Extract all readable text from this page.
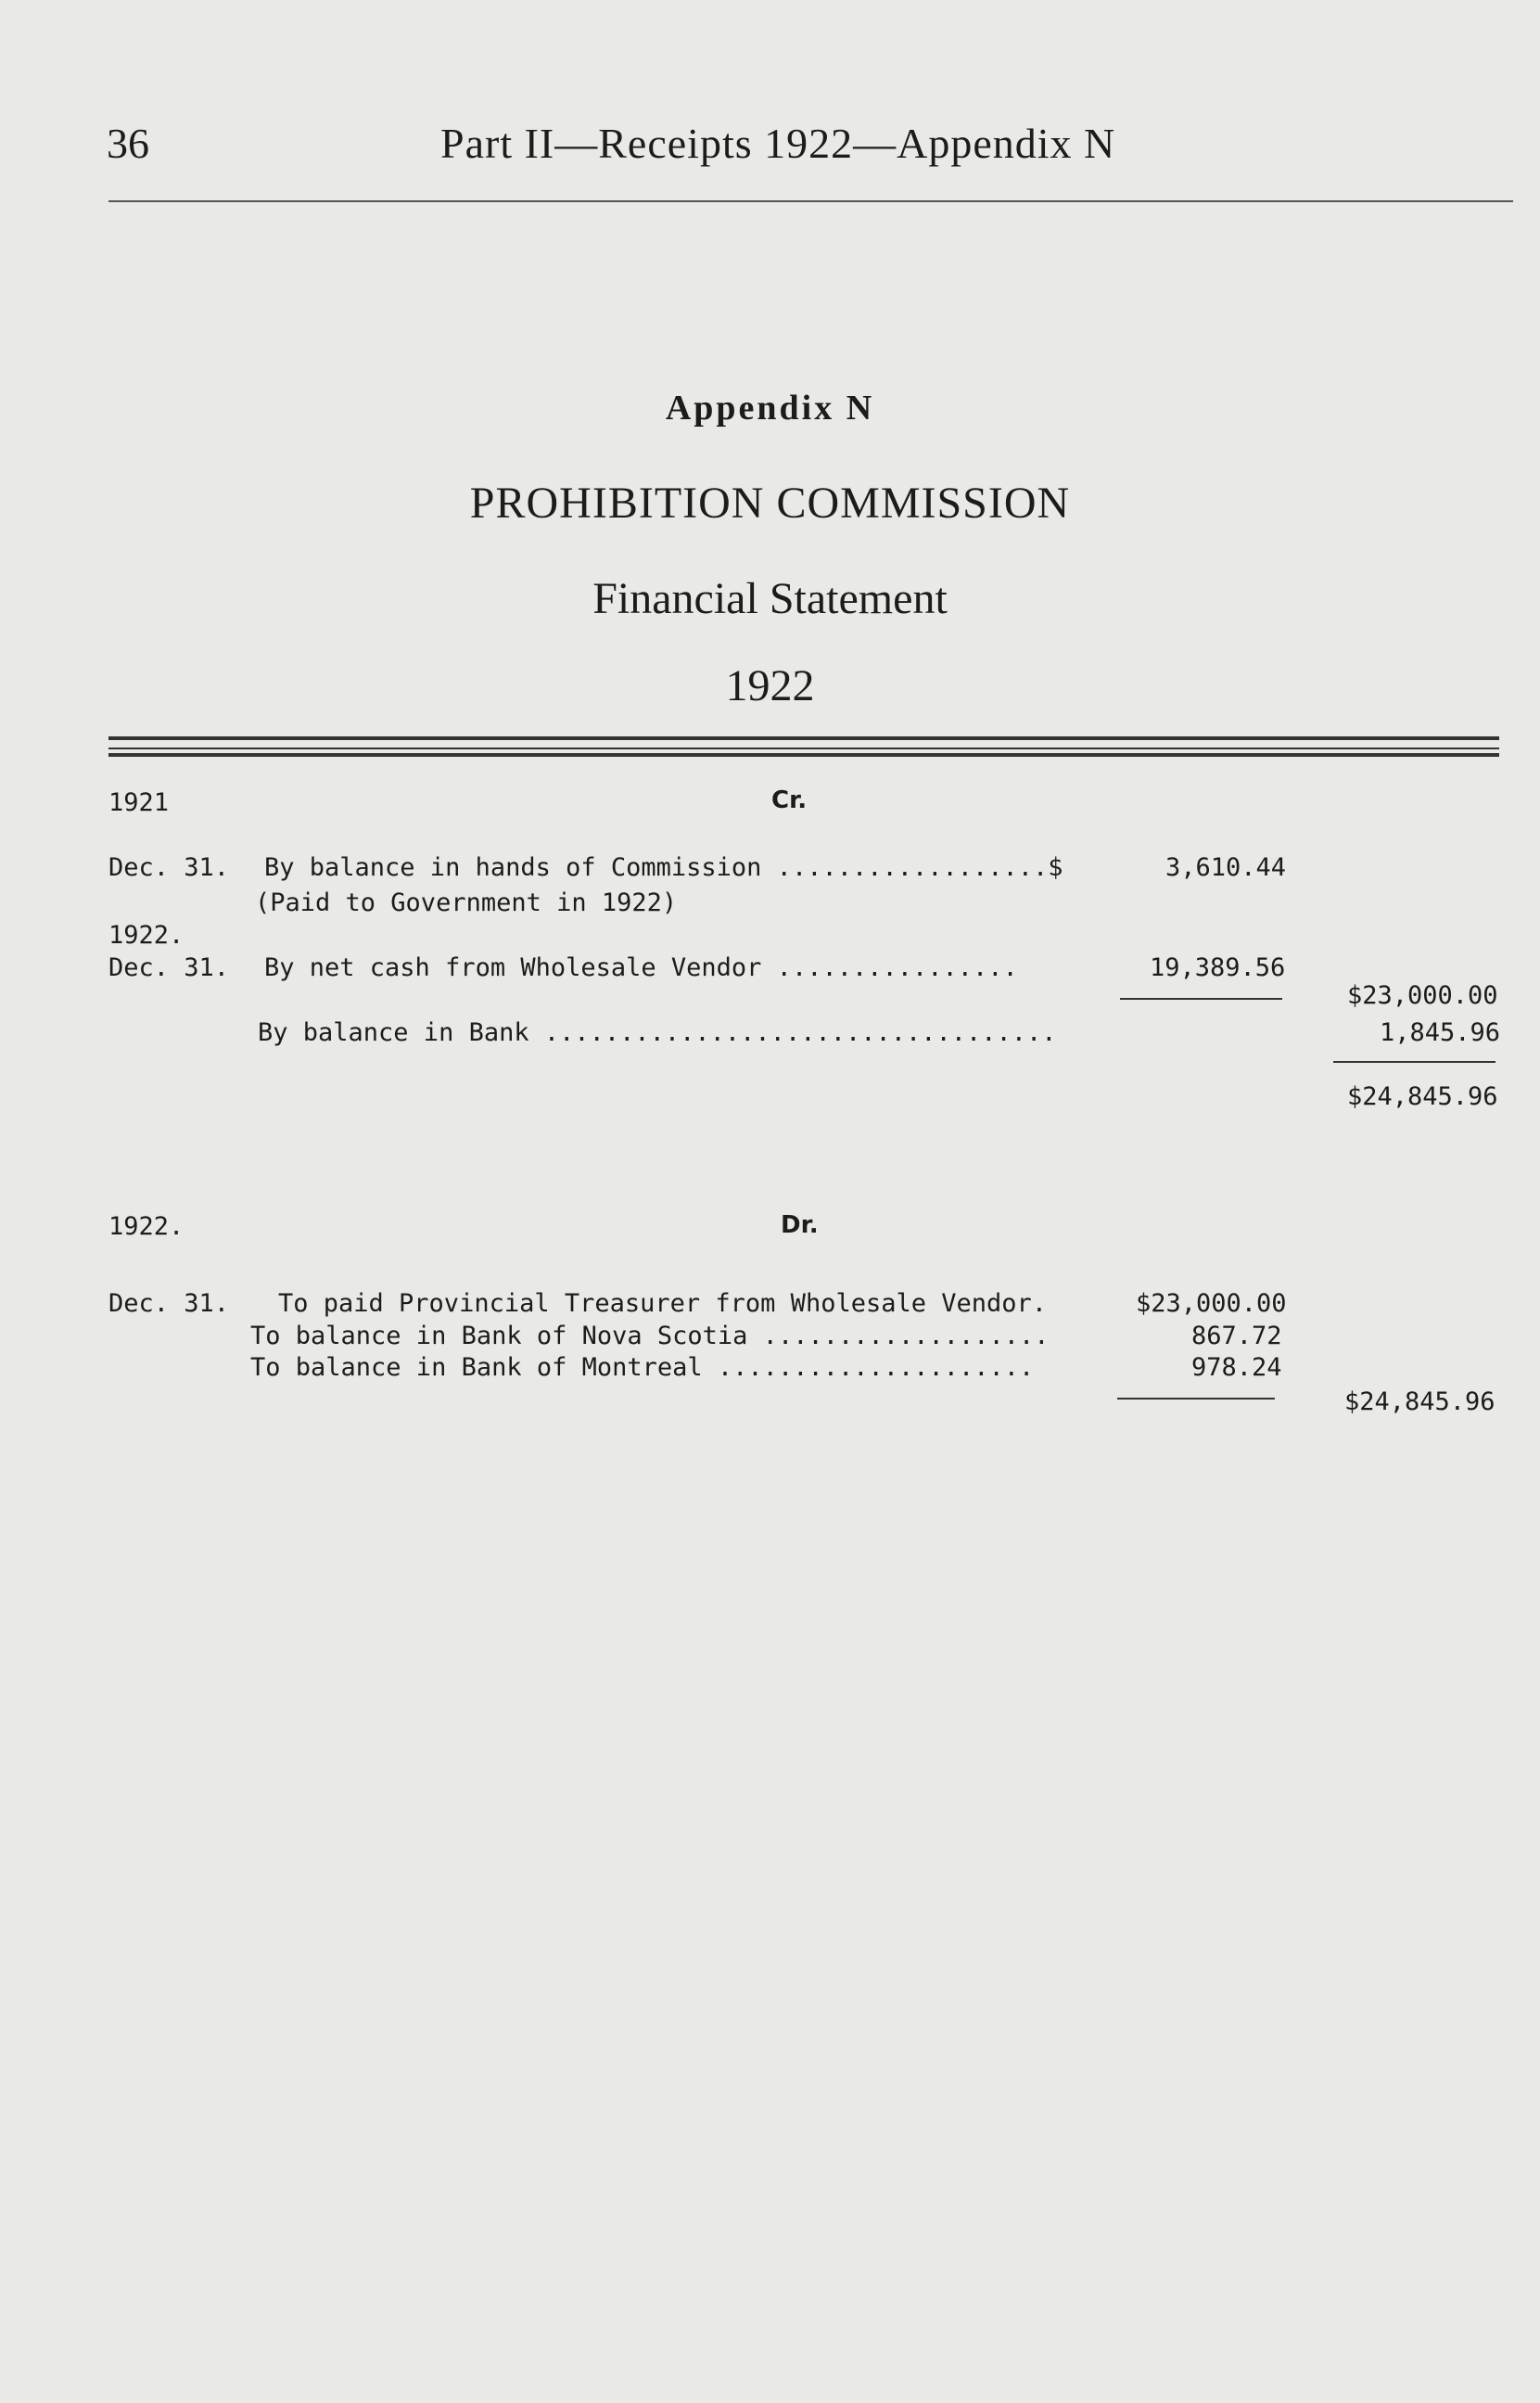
36	Part II—Receipts 1922—Appendix N
Appendix N
PROHIBITION COMMISSION
Financial Statement
1922
1921	Cr.
Dec. 31. By balance in hands of Commission ..................$	3,610.44
(Paid to Government in 1922)
1922.
Dec. 31. By net cash from Wholesale Vendor ................	19,389.56
$23,000.00
By balance in Bank ..................................	1,845.96
$24,845.96
1922.	Dr.
Dec. 31. To paid Provincial Treasurer from Wholesale Vendor.	$23,000.00
To balance in Bank of Nova Scotia ...................	867.72
To balance in Bank of Montreal .....................	978.24
$24,845.96
